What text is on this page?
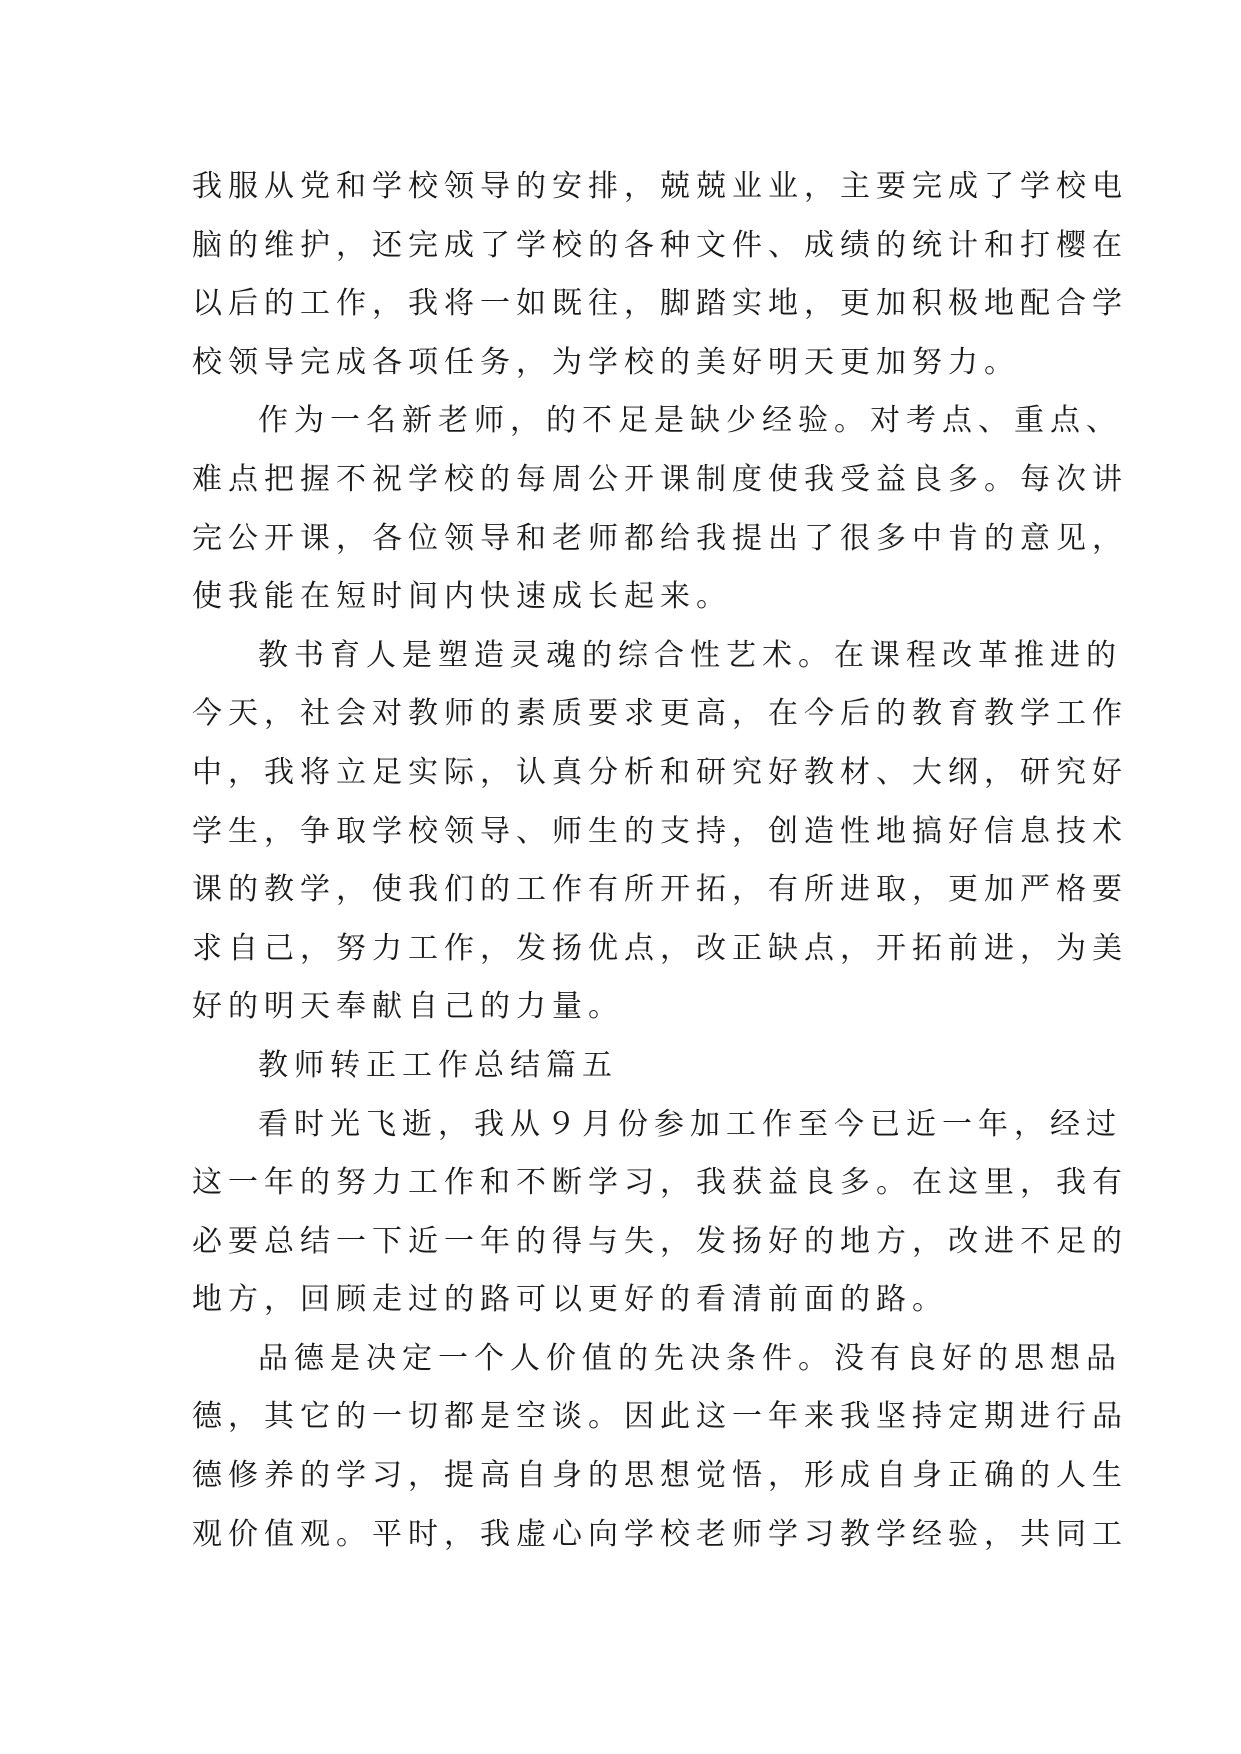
我服从党和学校领导的安排，兢兢业业，主要完成了学校电
脑的维护，还完成了学校的各种文件、成绩的统计和打樱在
以后的工作，我将一如既往，脚踏实地，更加积极地配合学
校领导完成各项任务，为学校的美好明天更加努力。
作为一名新老师，的不足是缺少经验。对考点、重点、
难点把握不祝学校的每周公开课制度使我受益良多。每次讲
完公开课，各位领导和老师都给我提出了很多中肯的意见，
使我能在短时间内快速成长起来。
教书育人是塑造灵魂的综合性艺术。在课程改革推进的
今天，社会对教师的素质要求更高，在今后的教育教学工作
中，我将立足实际，认真分析和研究好教材、大纲，研究好
学生，争取学校领导、师生的支持，创造性地搞好信息技术
课的教学，使我们的工作有所开拓，有所进取，更加严格要
求自己，努力工作，发扬优点，改正缺点，开拓前进，为美
好的明天奉献自己的力量。
教师转正工作总结篇五
看时光飞逝，我从９月份参加工作至今已近一年，经过
这一年的努力工作和不断学习，我获益良多。在这里，我有
必要总结一下近一年的得与失，发扬好的地方，改进不足的
地方，回顾走过的路可以更好的看清前面的路。
品德是决定一个人价值的先决条件。没有良好的思想品
德，其它的一切都是空谈。因此这一年来我坚持定期进行品
德修养的学习，提高自身的思想觉悟，形成自身正确的人生
观价值观。平时，我虚心向学校老师学习教学经验，共同工
